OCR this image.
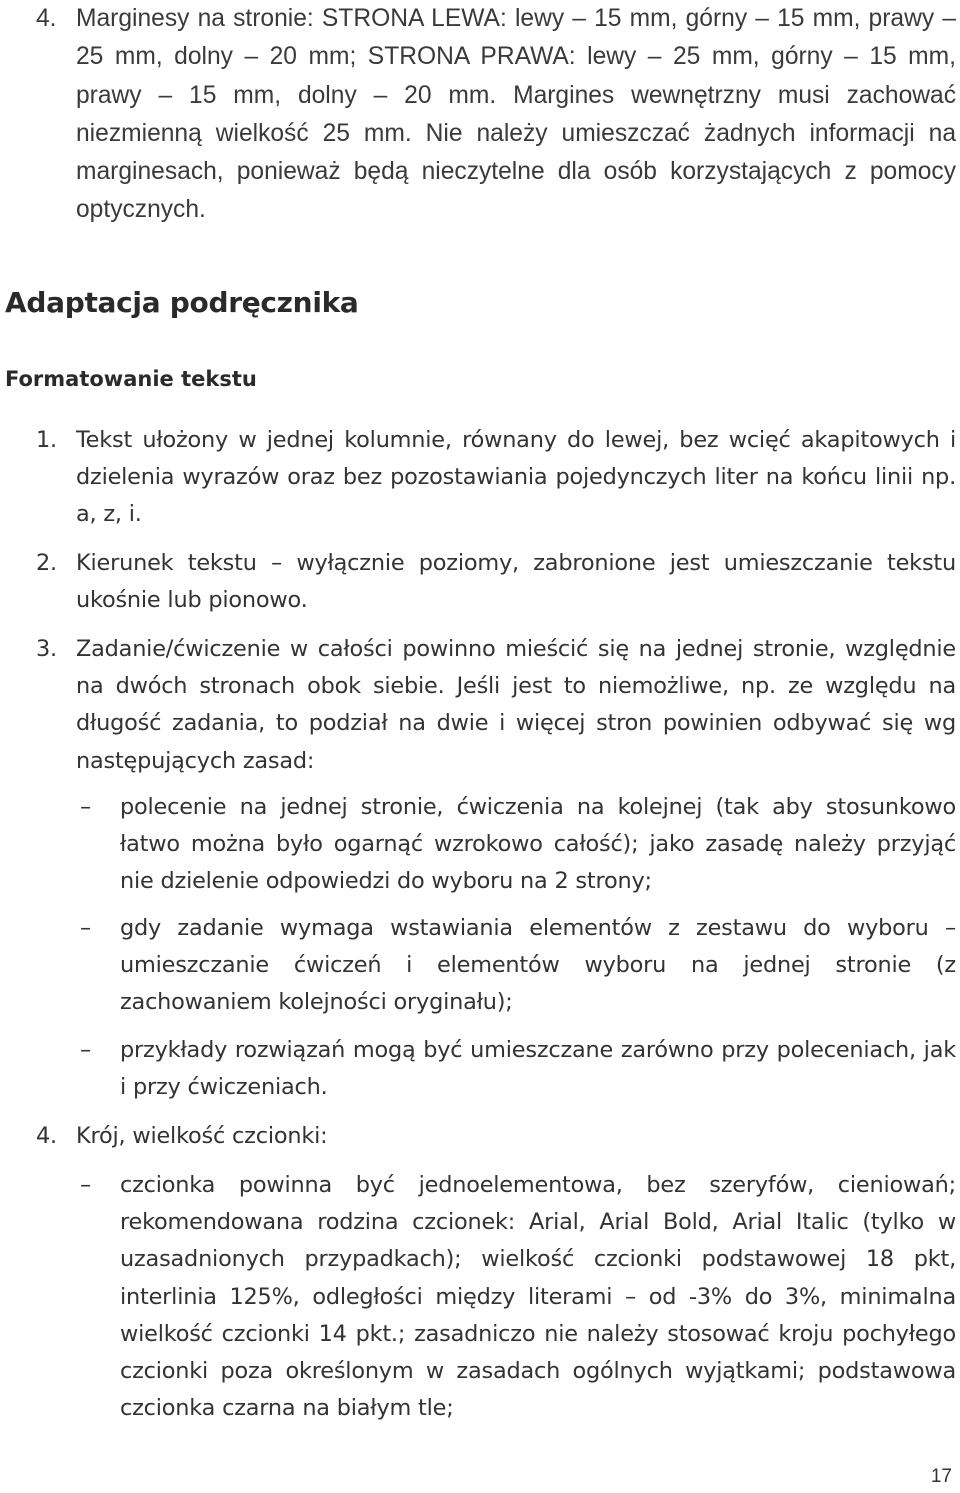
4. Marginesy na stronie: STRONA LEWA: lewy – 15 mm, górny – 15 mm, prawy – 25 mm, dolny – 20 mm; STRONA PRAWA: lewy – 25 mm, górny – 15 mm, prawy – 15 mm, dolny – 20 mm. Margines wewnętrzny musi zachować niezmienną wielkość 25 mm. Nie należy umieszczać żadnych informacji na marginesach, ponieważ będą nieczytelne dla osób korzystających z pomocy optycznych.
Adaptacja podręcznika
Formatowanie tekstu
1. Tekst ułożony w jednej kolumnie, równany do lewej, bez wcięć akapitowych i dzielenia wyrazów oraz bez pozostawiania pojedynczych liter na końcu linii np. a, z, i.
2. Kierunek tekstu – wyłącznie poziomy, zabronione jest umieszczanie tekstu ukośnie lub pionowo.
3. Zadanie/ćwiczenie w całości powinno mieścić się na jednej stronie, względnie na dwóch stronach obok siebie. Jeśli jest to niemożliwe, np. ze względu na długość zadania, to podział na dwie i więcej stron powinien odbywać się wg następujących zasad:
– polecenie na jednej stronie, ćwiczenia na kolejnej (tak aby stosunkowo łatwo można było ogarnąć wzrokowo całość); jako zasadę należy przyjąć nie dzielenie odpowiedzi do wyboru na 2 strony;
– gdy zadanie wymaga wstawiania elementów z zestawu do wyboru – umieszczanie ćwiczeń i elementów wyboru na jednej stronie (z zachowaniem kolejności oryginału);
– przykłady rozwiązań mogą być umieszczane zarówno przy poleceniach, jak i przy ćwiczeniach.
4. Krój, wielkość czcionki:
– czcionka powinna być jednoelementowa, bez szeryfów, cieniowań; rekomendowana rodzina czcionek: Arial, Arial Bold, Arial Italic (tylko w uzasadnionych przypadkach); wielkość czcionki podstawowej 18 pkt, interlinia 125%, odległości między literami – od -3% do 3%, minimalna wielkość czcionki 14 pkt.; zasadniczo nie należy stosować kroju pochyłego czcionki poza określonym w zasadach ogólnych wyjątkami; podstawowa czcionka czarna na białym tle;
17
